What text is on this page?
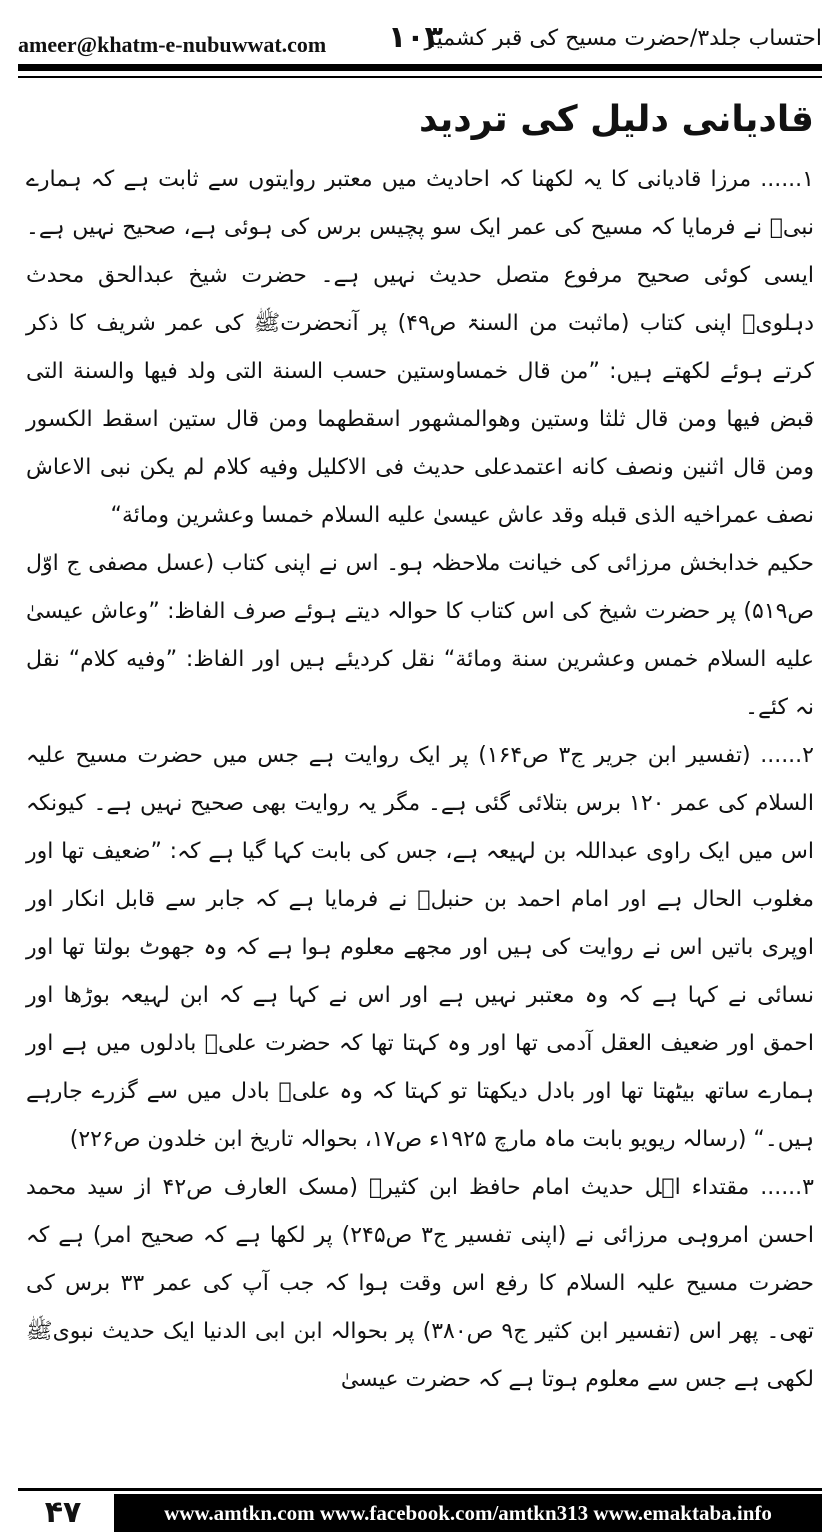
ameer@khatm-e-nubuwwat.com ۱۰۳
احتساب جلد۳/حضرت مسیح کی قبر کشمیر
قادیانی دلیل کی تردید

۱...... مرزا قادیانی کا یہ لکھنا کہ احادیث میں معتبر روایتوں سے ثابت ہے کہ ہمارے نبیﷺ نے فرمایا کہ مسیح کی عمر ایک سو پچیس برس کی ہوئی ہے، صحیح نہیں ہے۔ ایسی کوئی صحیح مرفوع متصل حدیث نہیں ہے۔ حضرت شیخ عبدالحق محدث دہلویؒ اپنی کتاب (ماثبت من السنۃ ص۴۹) پر آنحضرتﷺ کی عمر شریف کا ذکر کرتے ہوئے لکھتے ہیں: ”من قال خمساوستین حسب السنة التی ولد فیها والسنة التی قبض فیها ومن قال ثلثا وستین وهوالمشهور اسقطهما ومن قال ستین اسقط الکسور ومن قال اثنین ونصف کانه اعتمدعلی حدیث فی الاکلیل وفیه کلام لم یکن نبی الاعاش نصف عمراخیه الذی قبله وقد عاش عیسیٰ علیه السلام خمسا وعشرین ومائة“

حکیم خدابخش مرزائی کی خیانت ملاحظہ ہو۔ اس نے اپنی کتاب (عسل مصفی ج اوّل ص۵۱۹) پر حضرت شیخ کی اس کتاب کا حوالہ دیتے ہوئے صرف الفاظ: ”وعاش عیسیٰ علیه السلام خمس وعشرین سنة ومائة“ نقل کردیئے ہیں اور الفاظ: ”وفیه کلام“ نقل نہ کئے۔

۲...... (تفسیر ابن جریر ج۳ ص۱۶۴) پر ایک روایت ہے جس میں حضرت مسیح علیہ السلام کی عمر ۱۲۰ برس بتلائی گئی ہے۔ مگر یہ روایت بھی صحیح نہیں ہے۔ کیونکہ اس میں ایک راوی عبداللہ بن لہیعہ ہے، جس کی بابت کہا گیا ہے کہ: ”ضعیف تھا اور مغلوب الحال ہے اور امام احمد بن حنبلؒ نے فرمایا ہے کہ جابر سے قابل انکار اور اوپری باتیں اس نے روایت کی ہیں اور مجھے معلوم ہوا ہے کہ وہ جھوٹ بولتا تھا اور نسائی نے کہا ہے کہ وہ معتبر نہیں ہے اور اس نے کہا ہے کہ ابن لہیعہ بوڑھا اور احمق اور ضعیف العقل آدمی تھا اور وہ کہتا تھا کہ حضرت علیؓ بادلوں میں ہے اور ہمارے ساتھ بیٹھتا تھا اور بادل دیکھتا تو کہتا کہ وہ علیؓ بادل میں سے گزرے جارہے ہیں۔“ (رسالہ ریویو بابت ماہ مارچ ۱۹۲۵ء ص۱۷، بحوالہ تاریخ ابن خلدون ص۲۲۶)

۳...... مقتداء اہل حدیث امام حافظ ابن کثیرؒ (مسک العارف ص۴۲ از سید محمد احسن امروہی مرزائی نے (اپنی تفسیر ج۳ ص۲۴۵) پر لکھا ہے کہ صحیح امر) ہے کہ حضرت مسیح علیہ السلام کا رفع اس وقت ہوا کہ جب آپ کی عمر ۳۳ برس کی تھی۔ پھر اس (تفسیر ابن کثیر ج۹ ص۳۸۰) پر بحوالہ ابن ابی الدنیا ایک حدیث نبویﷺ لکھی ہے جس سے معلوم ہوتا ہے کہ حضرت عیسیٰ

۴۷	www.amtkn.com www.facebook.com/amtkn313 www.emaktaba.info
